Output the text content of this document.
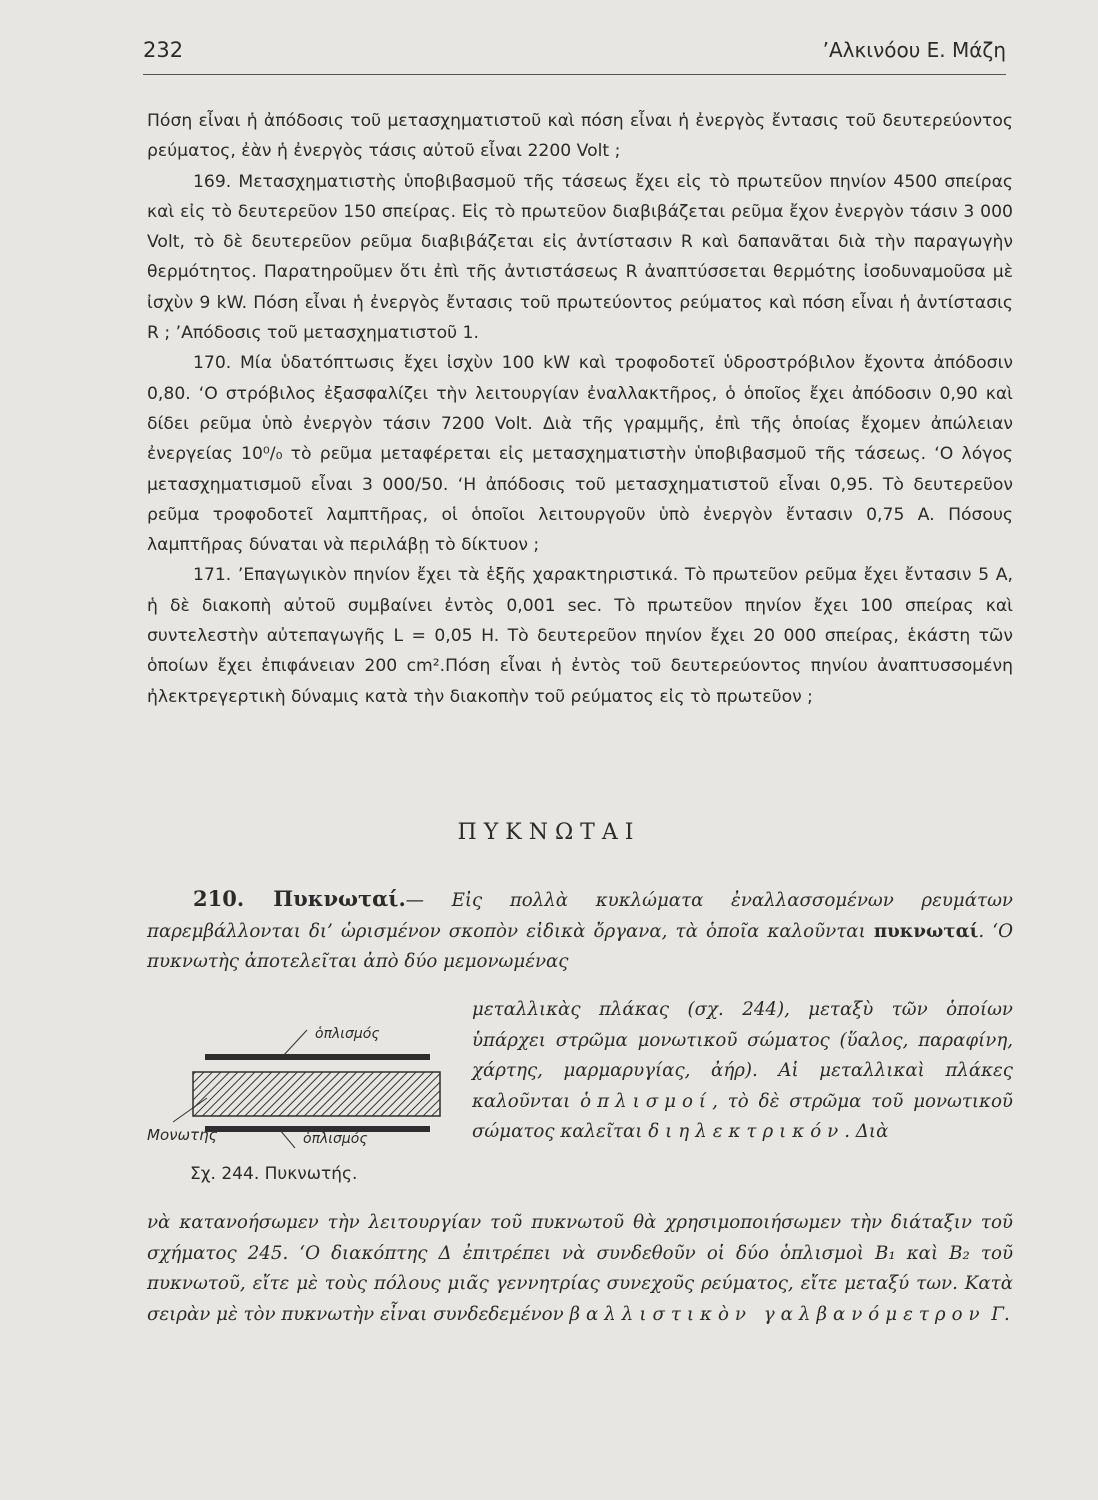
232	’Αλκινόου Ε. Μάζη

Πόση εἶναι ἡ ἀπόδοσις τοῦ μετασχηματιστοῦ καὶ πόση εἶναι ἡ ἐνεργὸς ἔντασις τοῦ δευτερεύοντος ρεύματος, ἐὰν ἡ ἐνεργὸς τάσις αὐτοῦ εἶναι 2200 Volt ;

169. Μετασχηματιστὴς ὑποβιβασμοῦ τῆς τάσεως ἔχει εἰς τὸ πρωτεῦον πηνίον 4500 σπείρας καὶ εἰς τὸ δευτερεῦον 150 σπείρας. Εἰς τὸ πρωτεῦον διαβιβάζεται ρεῦμα ἔχον ἐνεργὸν τάσιν 3 000 Volt, τὸ δὲ δευτερεῦον ρεῦμα διαβιβάζεται εἰς ἀντίστασιν R καὶ δαπανᾶται διὰ τὴν παραγωγὴν θερμότητος. Παρατηροῦμεν ὅτι ἐπὶ τῆς ἀντιστάσεως R ἀναπτύσσεται θερμότης ἰσοδυναμοῦσα μὲ ἰσχὺν 9 kW. Πόση εἶναι ἡ ἐνεργὸς ἔντασις τοῦ πρωτεύοντος ρεύματος καὶ πόση εἶναι ἡ ἀντίστασις R ; ’Απόδοσις τοῦ μετασχηματιστοῦ 1.

170. Μία ὑδατόπτωσις ἔχει ἰσχὺν 100 kW καὶ τροφοδοτεῖ ὑδροστρόβιλον ἔχοντα ἀπόδοσιν 0,80. ‘Ο στρόβιλος ἐξασφαλίζει τὴν λειτουργίαν ἐναλλακτῆρος, ὁ ὁποῖος ἔχει ἀπόδοσιν 0,90 καὶ δίδει ρεῦμα ὑπὸ ἐνεργὸν τάσιν 7200 Volt. Διὰ τῆς γραμμῆς, ἐπὶ τῆς ὁποίας ἔχομεν ἀπώλειαν ἐνεργείας 10⁰/₀ τὸ ρεῦμα μεταφέρεται εἰς μετασχηματιστὴν ὑποβιβασμοῦ τῆς τάσεως. ‘Ο λόγος μετασχηματισμοῦ εἶναι 3 000/50. ‘Η ἀπόδοσις τοῦ μετασχηματιστοῦ εἶναι 0,95. Τὸ δευτερεῦον ρεῦμα τροφοδοτεῖ λαμπτῆρας, οἱ ὁποῖοι λειτουργοῦν ὑπὸ ἐνεργὸν ἔντασιν 0,75 A. Πόσους λαμπτῆρας δύναται νὰ περιλάβῃ τὸ δίκτυον ;

171. ’Επαγωγικὸν πηνίον ἔχει τὰ ἑξῆς χαρακτηριστικά. Τὸ πρωτεῦον ρεῦμα ἔχει ἔντασιν 5 A, ἡ δὲ διακοπὴ αὐτοῦ συμβαίνει ἐντὸς 0,001 sec. Τὸ πρωτεῦον πηνίον ἔχει 100 σπείρας καὶ συντελεστὴν αὐτεπαγωγῆς L = 0,05 H. Τὸ δευτερεῦον πηνίον ἔχει 20 000 σπείρας, ἑκάστη τῶν ὁποίων ἔχει ἐπιφάνειαν 200 cm².Πόση εἶναι ἡ ἐντὸς τοῦ δευτερεύοντος πηνίου ἀναπτυσσομένη ἠλεκτρεγερτικὴ δύναμις κατὰ τὴν διακοπὴν τοῦ ρεύματος εἰς τὸ πρωτεῦον ;

ΠΥΚΝΩΤΑΙ

210. Πυκνωταί.— Εἰς πολλὰ κυκλώματα ἐναλλασσομένων ρευμάτων παρεμβάλλονται δι’ ὡρισμένον σκοπὸν εἰδικὰ ὄργανα, τὰ ὁποῖα καλοῦνται πυκνωταί. ‘Ο πυκνωτὴς ἀποτελεῖται ἀπὸ δύο μεμονωμένας

μεταλλικὰς πλάκας (σχ. 244), μεταξὺ τῶν ὁποίων ὑπάρχει στρῶμα μονωτικοῦ σώματος (ὕαλος, παραφίνη, χάρτης, μαρμαρυγίας, ἀήρ). Αἱ μεταλλικαὶ πλάκες καλοῦνται ὁπλισμοί, τὸ δὲ στρῶμα τοῦ μονωτικοῦ σώματος καλεῖται διηλεκτρικόν. Διὰ

ὁπλισμός
Μονωτής	ὁπλισμός
Σχ. 244. Πυκνωτής.

νὰ κατανοήσωμεν τὴν λειτουργίαν τοῦ πυκνωτοῦ θὰ χρησιμοποιήσωμεν τὴν διάταξιν τοῦ σχήματος 245. ‘Ο διακόπτης Δ ἐπιτρέπει νὰ συνδεθοῦν οἱ δύο ὁπλισμοὶ B₁ καὶ B₂ τοῦ πυκνωτοῦ, εἴτε μὲ τοὺς πόλους μιᾶς γεννητρίας συνεχοῦς ρεύματος, εἴτε μεταξύ των. Κατὰ σειρὰν μὲ τὸν πυκνωτὴν εἶναι συνδεδεμένον βαλλιστικὸν γαλβανόμετρον Γ.
